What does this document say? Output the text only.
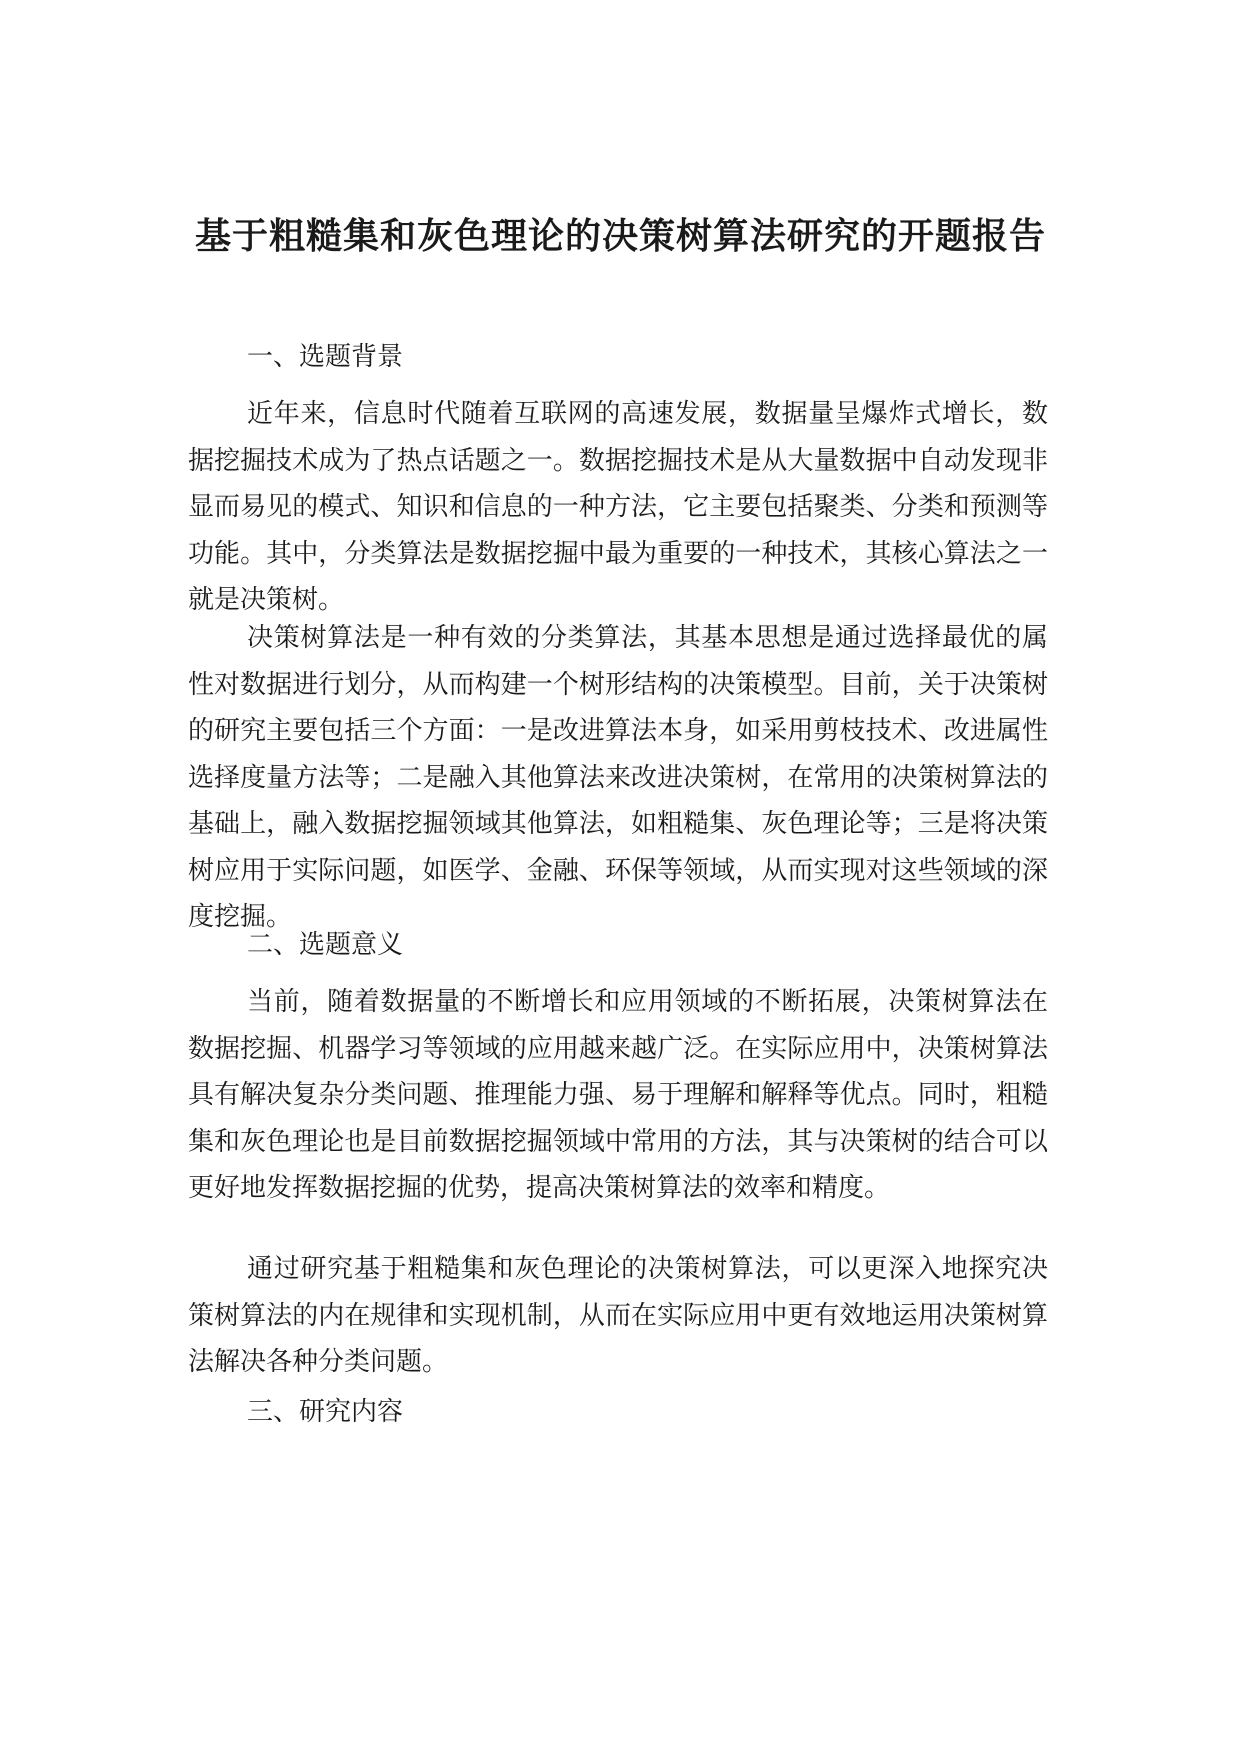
基于粗糙集和灰色理论的决策树算法研究的开题报告
一、选题背景

近年来，信息时代随着互联网的高速发展，数据量呈爆炸式增长，数据挖掘技术成为了热点话题之一。数据挖掘技术是从大量数据中自动发现非显而易见的模式、知识和信息的一种方法，它主要包括聚类、分类和预测等功能。其中，分类算法是数据挖掘中最为重要的一种技术，其核心算法之一就是决策树。

决策树算法是一种有效的分类算法，其基本思想是通过选择最优的属性对数据进行划分，从而构建一个树形结构的决策模型。目前，关于决策树的研究主要包括三个方面：一是改进算法本身，如采用剪枝技术、改进属性选择度量方法等；二是融入其他算法来改进决策树，在常用的决策树算法的基础上，融入数据挖掘领域其他算法，如粗糙集、灰色理论等；三是将决策树应用于实际问题，如医学、金融、环保等领域，从而实现对这些领域的深度挖掘。

二、选题意义

当前，随着数据量的不断增长和应用领域的不断拓展，决策树算法在数据挖掘、机器学习等领域的应用越来越广泛。在实际应用中，决策树算法具有解决复杂分类问题、推理能力强、易于理解和解释等优点。同时，粗糙集和灰色理论也是目前数据挖掘领域中常用的方法，其与决策树的结合可以更好地发挥数据挖掘的优势，提高决策树算法的效率和精度。

通过研究基于粗糙集和灰色理论的决策树算法，可以更深入地探究决策树算法的内在规律和实现机制，从而在实际应用中更有效地运用决策树算法解决各种分类问题。

三、研究内容
